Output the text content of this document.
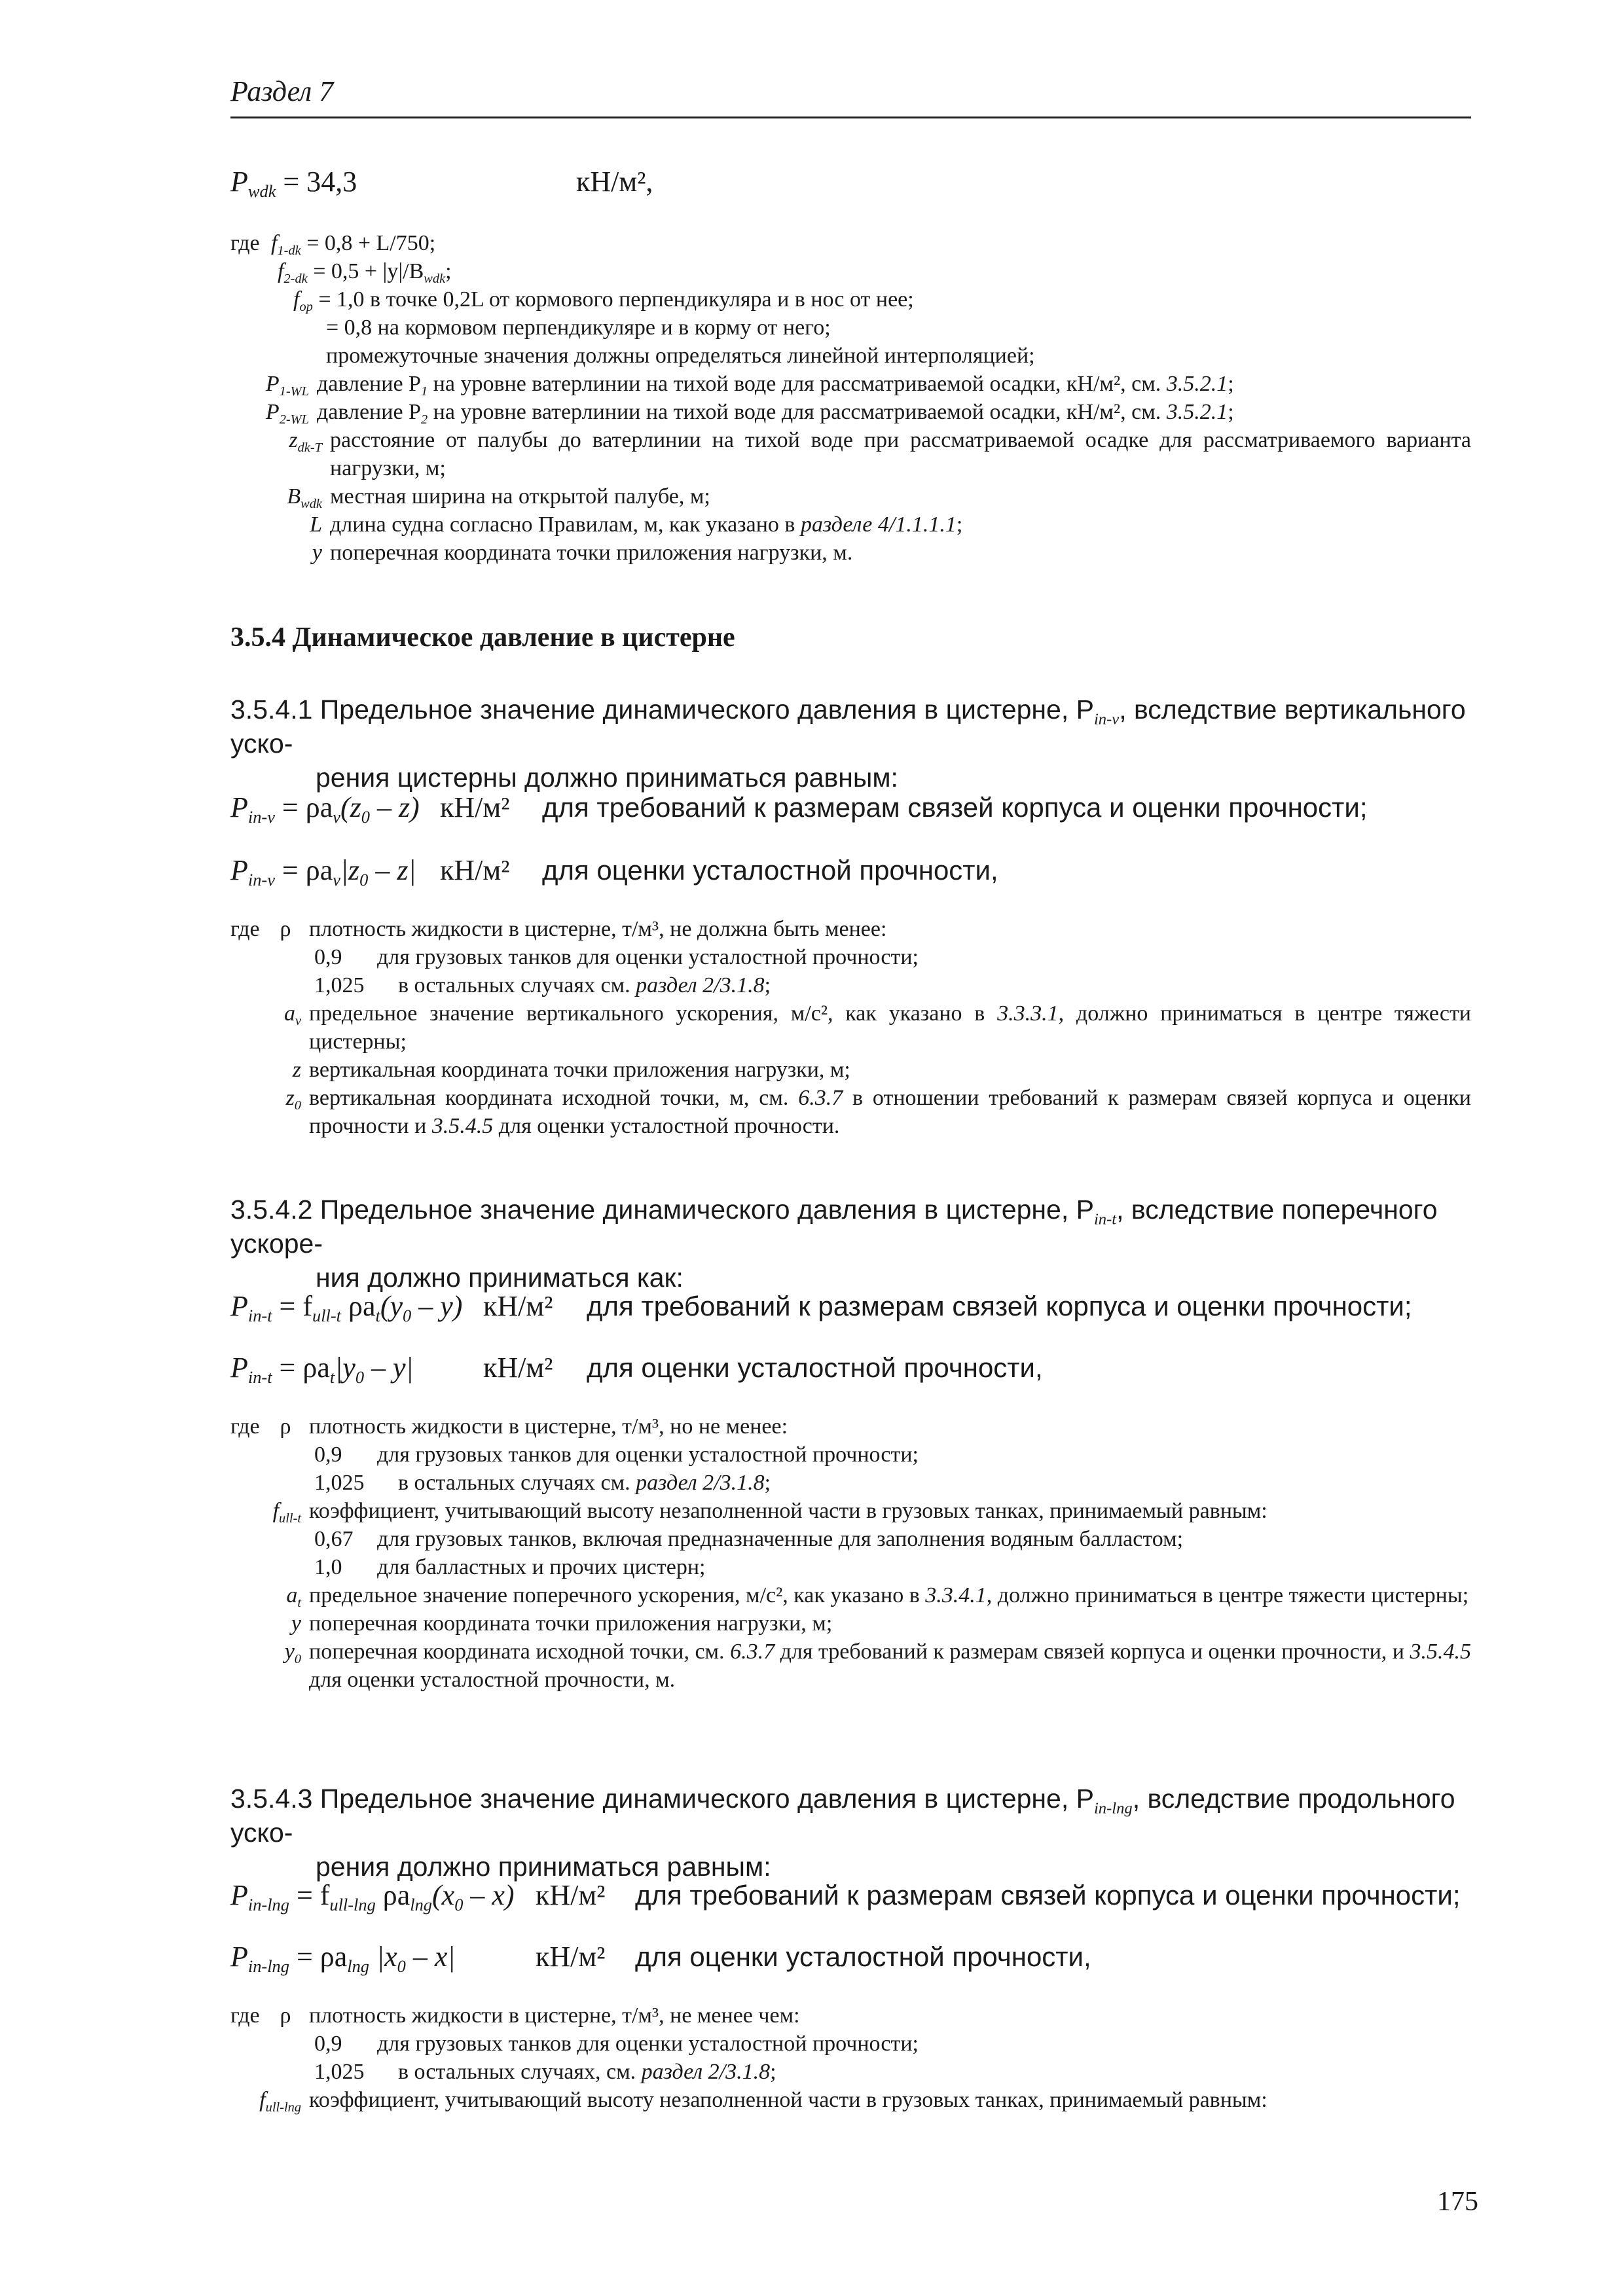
Раздел 7
$P_{wdk} = 34,3$	кН/м²,
где $f_{1-dk} = 0,8 + L/750$;
$f_{2-dk} = 0,5 + |y|/B_{wdk}$;
$f_{op} = 1,0$ в точке 0,2L от кормового перпендикуляра и в нос от нее;
= 0,8 на кормовом перпендикуляре и в корму от него;
промежуточные значения должны определяться линейной интерполяцией;
$P_{1-WL}$ давление $P_1$ на уровне ватерлинии на тихой воде для рассматриваемой осадки, кН/м², см. 3.5.2.1;
$P_{2-WL}$ давление $P_2$ на уровне ватерлинии на тихой воде для рассматриваемой осадки, кН/м², см. 3.5.2.1;
$z_{dk-T}$ расстояние от палубы до ватерлинии на тихой воде при рассматриваемой осадке для рассматриваемого варианта нагрузки, м;
$B_{wdk}$ местная ширина на открытой палубе, м;
L длина судна согласно Правилам, м, как указано в разделе 4/1.1.1.1;
y поперечная координата точки приложения нагрузки, м.
3.5.4 Динамическое давление в цистерне
3.5.4.1 Предельное значение динамического давления в цистерне, $P_{in-v}$, вследствие вертикального уско-
рения цистерны должно приниматься равным:
$P_{in-v} = \rho a_v(z_0 - z)$ кН/м² для требований к размерам связей корпуса и оценки прочности;
$P_{in-v} = \rho a_v|z_0 - z|$ кН/м² для оценки усталостной прочности,
где ρ плотность жидкости в цистерне, т/м³, не должна быть менее:
0,9	для грузовых танков для оценки усталостной прочности;
1,025	в остальных случаях см. раздел 2/3.1.8;
$a_v$ предельное значение вертикального ускорения, м/с², как указано в 3.3.3.1, должно приниматься в центре тяжести цистерны;
z вертикальная координата точки приложения нагрузки, м;
$z_0$ вертикальная координата исходной точки, м, см. 6.3.7 в отношении требований к размерам связей корпуса и оценки прочности и 3.5.4.5 для оценки усталостной прочности.
3.5.4.2 Предельное значение динамического давления в цистерне, $P_{in-t}$, вследствие поперечного ускоре-
ния должно приниматься как:
$P_{in-t} = f_{ull-t}$ $\rho a_t(y_0 - y)$ кН/м² для требований к размерам связей корпуса и оценки прочности;
$P_{in-t} = \rho a_t|y_0 - y|$ кН/м² для оценки усталостной прочности,
где ρ плотность жидкости в цистерне, т/м³, но не менее:
0,9	для грузовых танков для оценки усталостной прочности;
1,025	в остальных случаях см. раздел 2/3.1.8;
$f_{ull-t}$ коэффициент, учитывающий высоту незаполненной части в грузовых танках, принимаемый равным:
0,67	для грузовых танков, включая предназначенные для заполнения водяным балластом;
1,0	для балластных и прочих цистерн;
$a_t$ предельное значение поперечного ускорения, м/с², как указано в 3.3.4.1, должно приниматься в центре тяжести цистерны;
y поперечная координата точки приложения нагрузки, м;
$y_0$ поперечная координата исходной точки, см. 6.3.7 для требований к размерам связей корпуса и оценки прочности, и 3.5.4.5 для оценки усталостной прочности, м.
3.5.4.3 Предельное значение динамического давления в цистерне, $P_{in-lng}$, вследствие продольного уско-
рения должно приниматься равным:
$P_{in-lng} = f_{ull-lng}$ $\rho a_{lng}(x_0 - x)$ кН/м² для требований к размерам связей корпуса и оценки прочности;
$P_{in-lng} = \rho a_{lng}$ $|x_0 - x|$	кН/м² для оценки усталостной прочности,
где ρ плотность жидкости в цистерне, т/м³, не менее чем:
0,9	для грузовых танков для оценки усталостной прочности;
1,025	в остальных случаях, см. раздел 2/3.1.8;
$f_{ull-lng}$ коэффициент, учитывающий высоту незаполненной части в грузовых танках, принимаемый равным:
175
